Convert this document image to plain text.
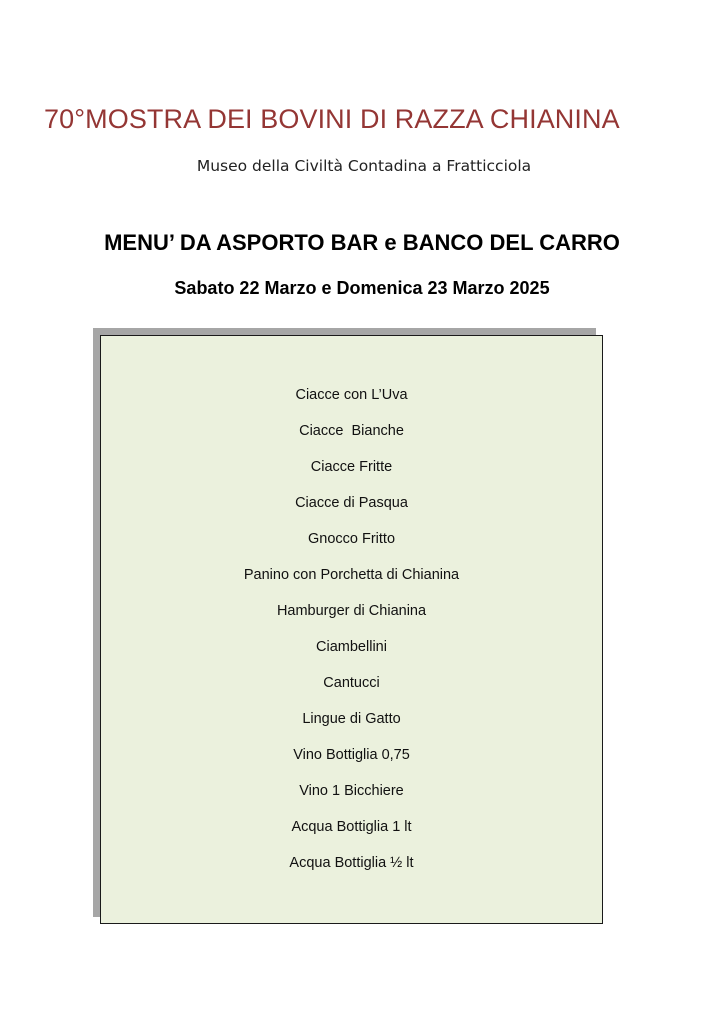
70°MOSTRA DEI BOVINI DI RAZZA CHIANINA
Museo della Civiltà Contadina a Fratticciola
MENU’ DA ASPORTO BAR e BANCO DEL CARRO
Sabato 22 Marzo e Domenica 23 Marzo 2025
Ciacce con L’Uva
Ciacce  Bianche
Ciacce Fritte
Ciacce di Pasqua
Gnocco Fritto
Panino con Porchetta di Chianina
Hamburger di Chianina
Ciambellini
Cantucci
Lingue di Gatto
Vino Bottiglia 0,75
Vino 1 Bicchiere
Acqua Bottiglia 1 lt
Acqua Bottiglia ½ lt
